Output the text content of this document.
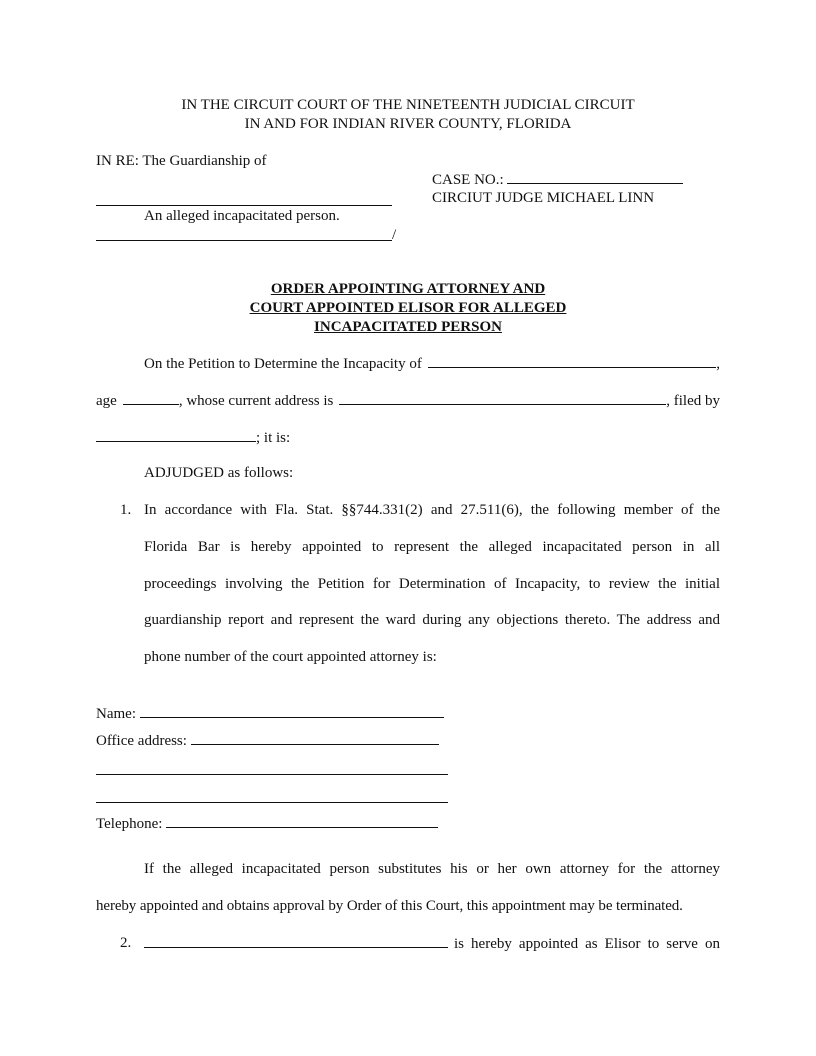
IN THE CIRCUIT COURT OF THE NINETEENTH JUDICIAL CIRCUIT
IN AND FOR INDIAN RIVER COUNTY, FLORIDA
IN RE: The Guardianship of
CASE NO.:
CIRCIUT JUDGE MICHAEL LINN
An alleged incapacitated person.
/
ORDER APPOINTING ATTORNEY AND
COURT APPOINTED ELISOR FOR ALLEGED
INCAPACITATED PERSON
On the Petition to Determine the Incapacity of	,
age	, whose current address is	, filed by
; it is:
ADJUDGED as follows:
1. In accordance with Fla. Stat. §§744.331(2) and 27.511(6), the following member of the
Florida Bar is hereby appointed to represent the alleged incapacitated person in all
proceedings involving the Petition for Determination of Incapacity, to review the initial
guardianship report and represent the ward during any objections thereto. The address and
phone number of the court appointed attorney is:
Name:
Office address:
Telephone:
If the alleged incapacitated person substitutes his or her own attorney for the attorney
hereby appointed and obtains approval by Order of this Court, this appointment may be terminated.
2.	is hereby appointed as Elisor to serve on
